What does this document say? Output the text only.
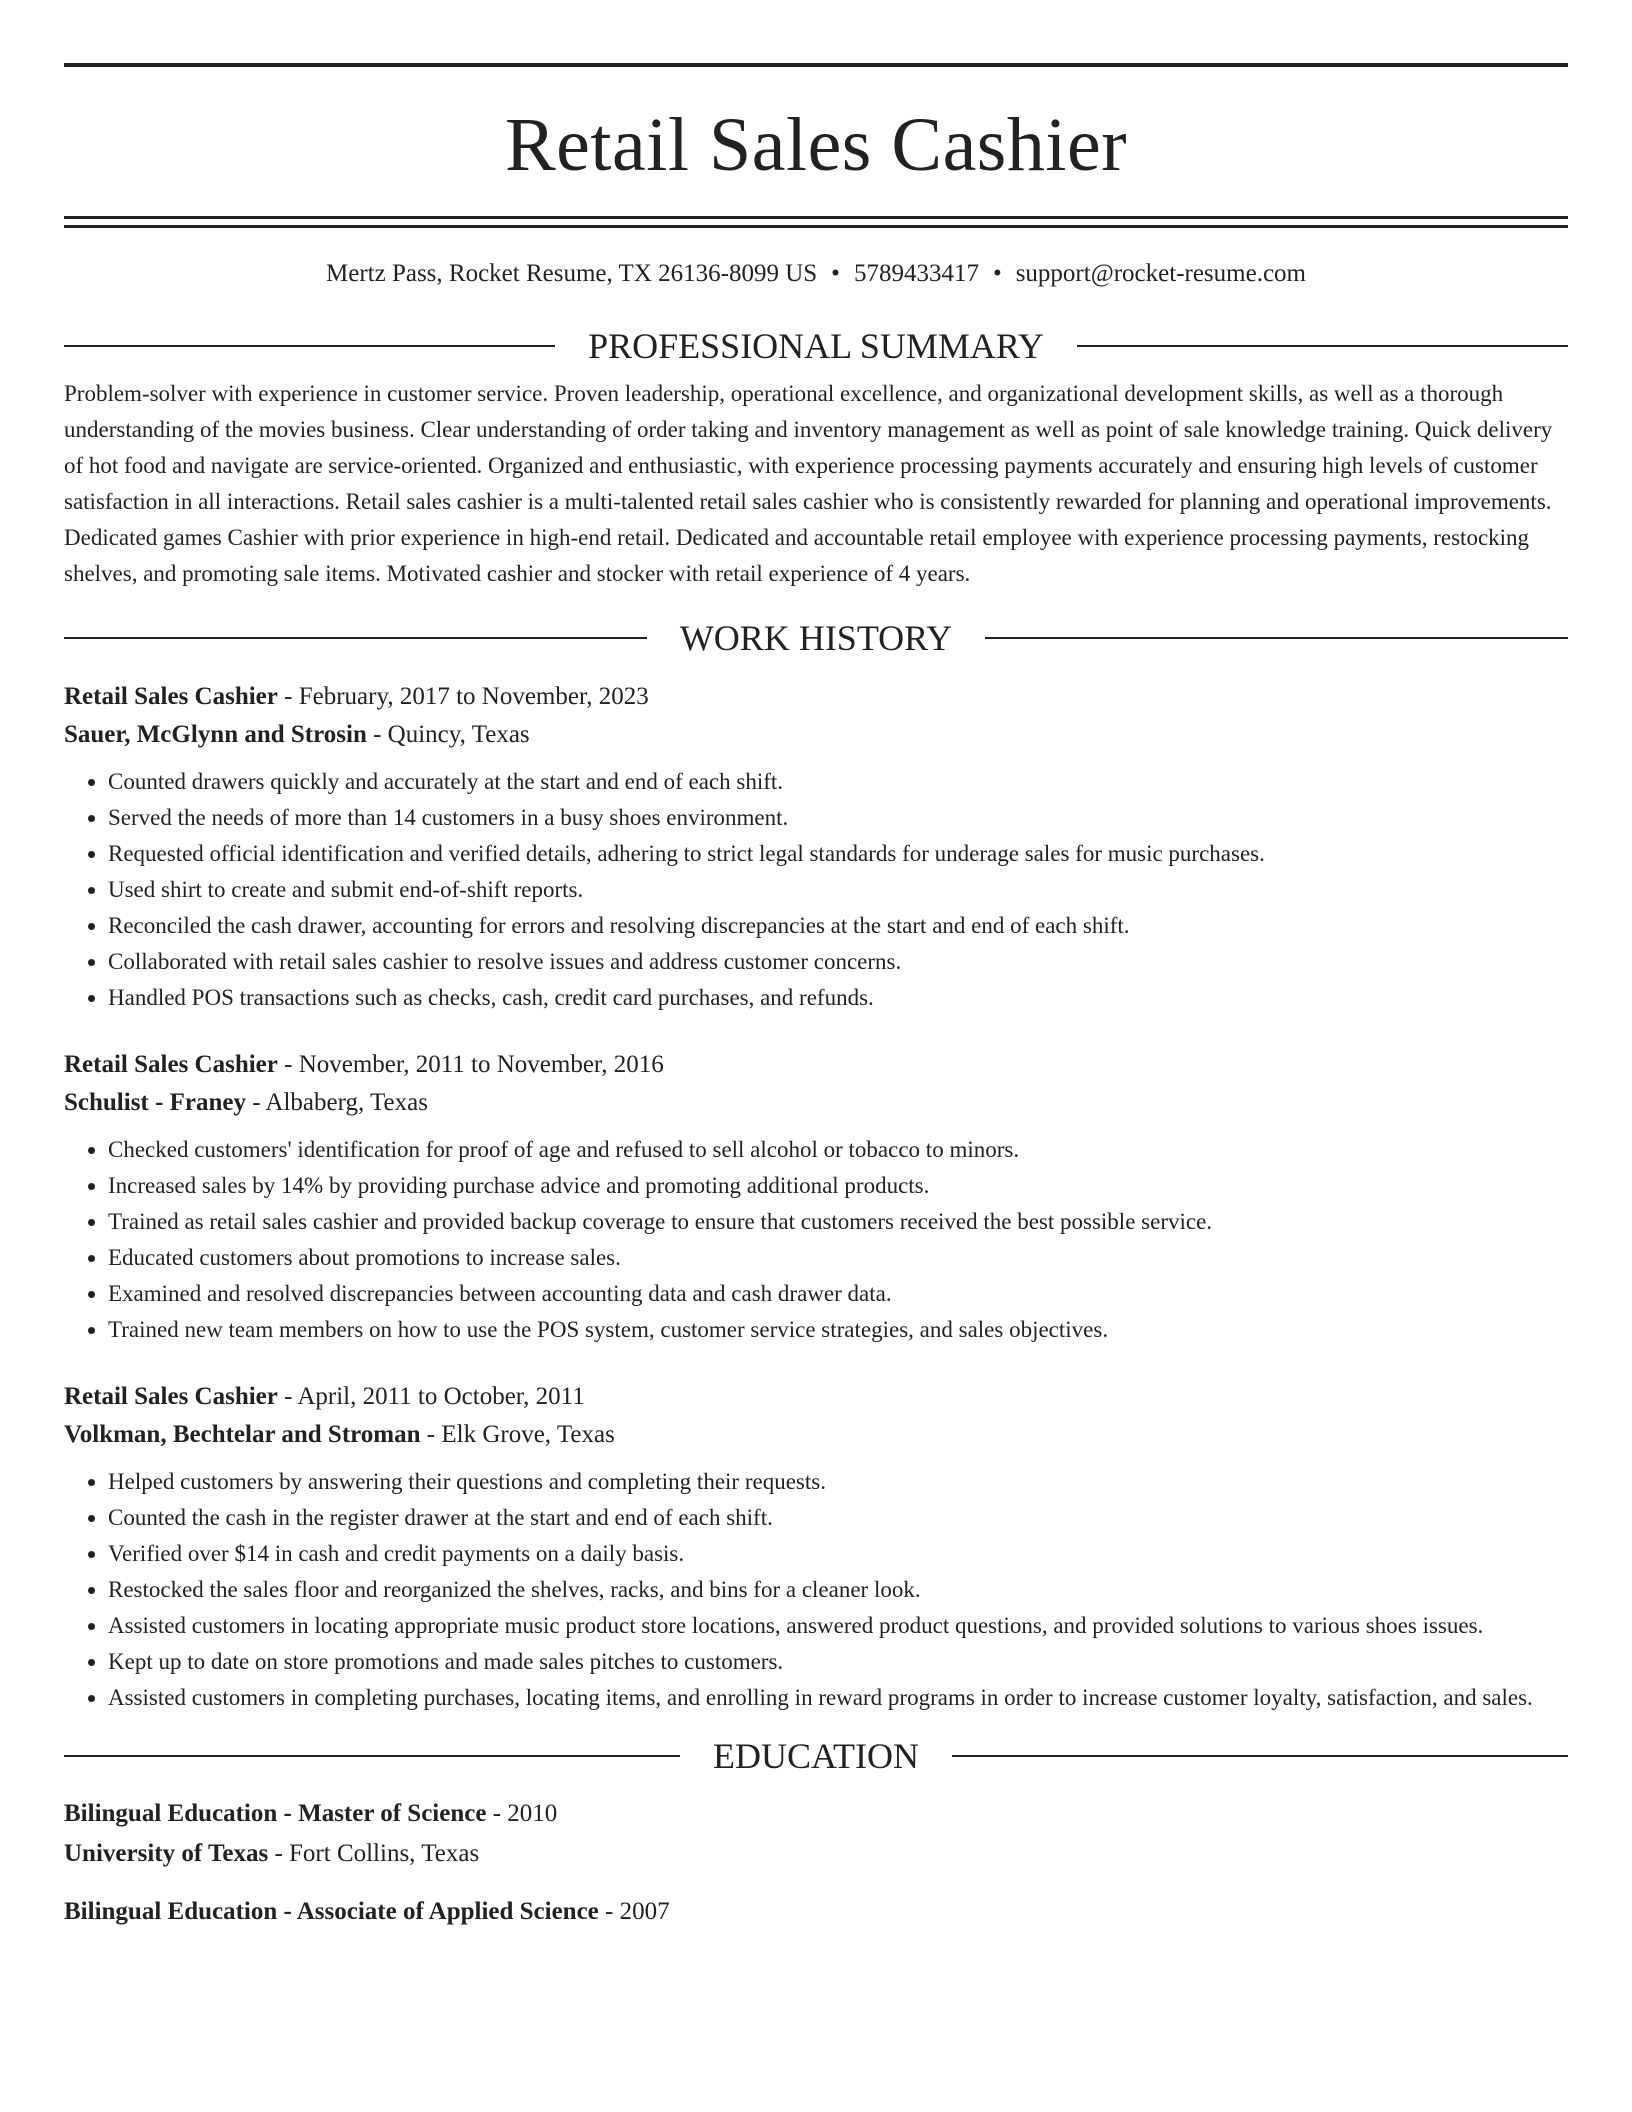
Retail Sales Cashier
Mertz Pass, Rocket Resume, TX 26136-8099 US • 5789433417 • support@rocket-resume.com
PROFESSIONAL SUMMARY

Problem-solver with experience in customer service. Proven leadership, operational excellence, and organizational development skills, as well as a thorough understanding of the movies business. Clear understanding of order taking and inventory management as well as point of sale knowledge training. Quick delivery of hot food and navigate are service-oriented. Organized and enthusiastic, with experience processing payments accurately and ensuring high levels of customer satisfaction in all interactions. Retail sales cashier is a multi-talented retail sales cashier who is consistently rewarded for planning and operational improvements. Dedicated games Cashier with prior experience in high-end retail. Dedicated and accountable retail employee with experience processing payments, restocking shelves, and promoting sale items. Motivated cashier and stocker with retail experience of 4 years.

WORK HISTORY
Retail Sales Cashier - February, 2017 to November, 2023
Sauer, McGlynn and Strosin - Quincy, Texas
• Counted drawers quickly and accurately at the start and end of each shift.
• Served the needs of more than 14 customers in a busy shoes environment.
• Requested official identification and verified details, adhering to strict legal standards for underage sales for music purchases.
• Used shirt to create and submit end-of-shift reports.
• Reconciled the cash drawer, accounting for errors and resolving discrepancies at the start and end of each shift.
• Collaborated with retail sales cashier to resolve issues and address customer concerns.
• Handled POS transactions such as checks, cash, credit card purchases, and refunds.
Retail Sales Cashier - November, 2011 to November, 2016
Schulist - Franey - Albaberg, Texas
• Checked customers' identification for proof of age and refused to sell alcohol or tobacco to minors.
• Increased sales by 14% by providing purchase advice and promoting additional products.
• Trained as retail sales cashier and provided backup coverage to ensure that customers received the best possible service.
• Educated customers about promotions to increase sales.
• Examined and resolved discrepancies between accounting data and cash drawer data.
• Trained new team members on how to use the POS system, customer service strategies, and sales objectives.
Retail Sales Cashier - April, 2011 to October, 2011
Volkman, Bechtelar and Stroman - Elk Grove, Texas
• Helped customers by answering their questions and completing their requests.
• Counted the cash in the register drawer at the start and end of each shift.
• Verified over $14 in cash and credit payments on a daily basis.
• Restocked the sales floor and reorganized the shelves, racks, and bins for a cleaner look.
• Assisted customers in locating appropriate music product store locations, answered product questions, and provided solutions to various shoes issues.
• Kept up to date on store promotions and made sales pitches to customers.
• Assisted customers in completing purchases, locating items, and enrolling in reward programs in order to increase customer loyalty, satisfaction, and sales.
EDUCATION
Bilingual Education - Master of Science - 2010
University of Texas - Fort Collins, Texas
Bilingual Education - Associate of Applied Science - 2007
